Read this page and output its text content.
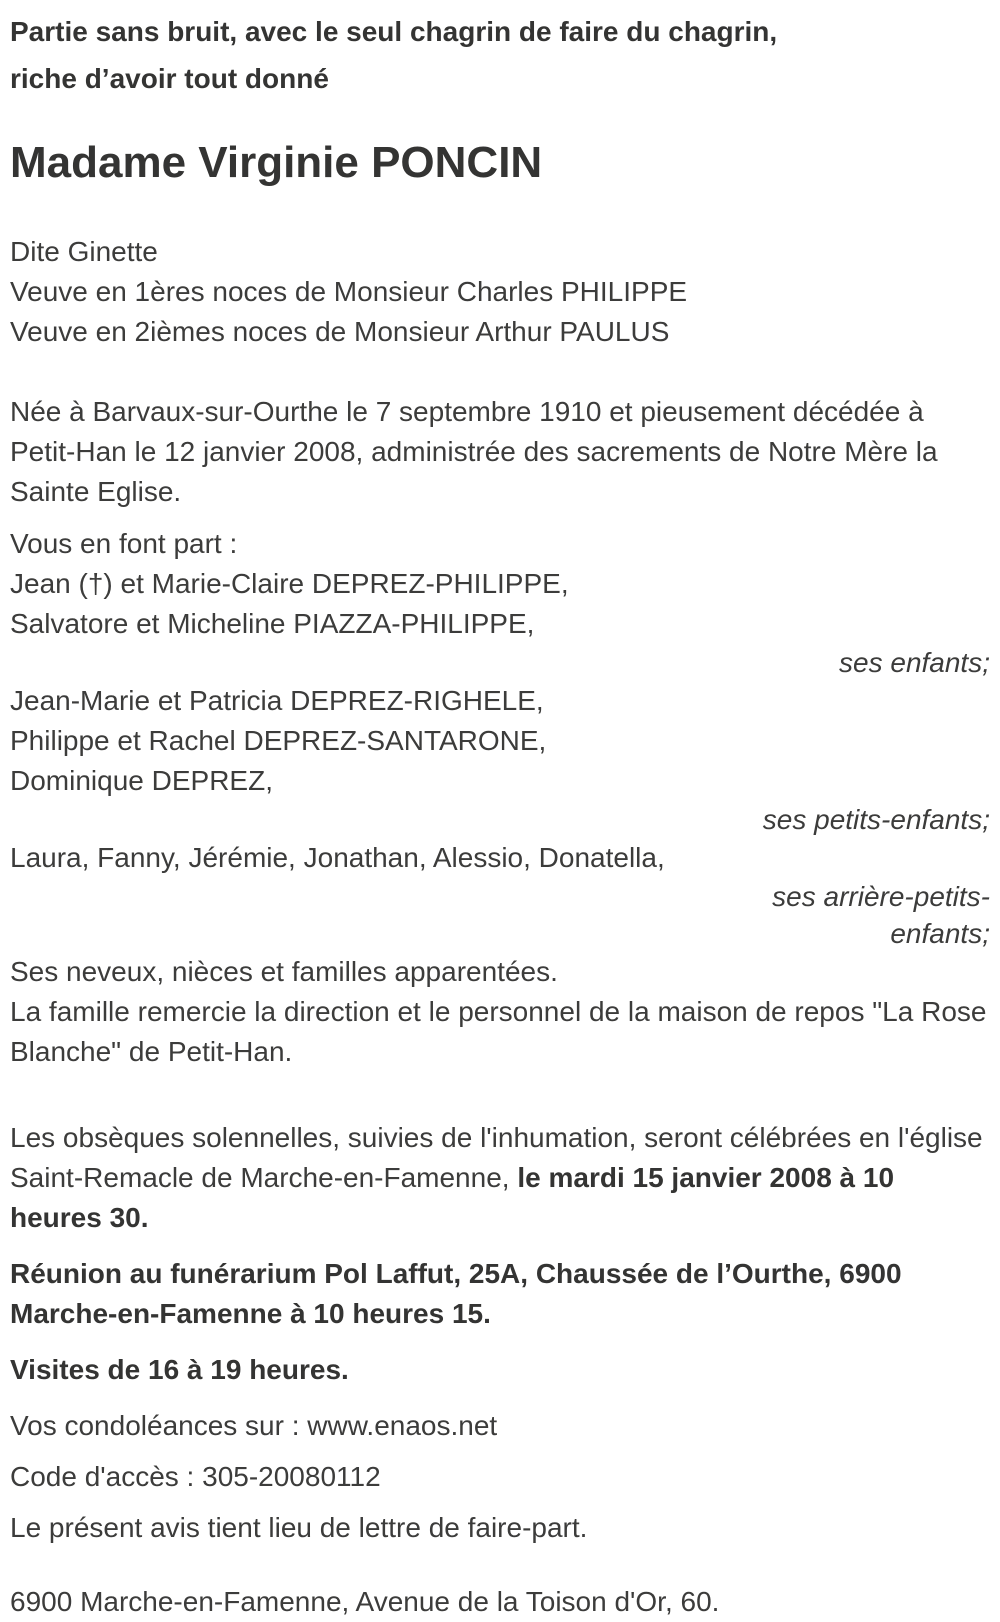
Partie sans bruit, avec le seul chagrin de faire du chagrin,
riche d’avoir tout donné

Madame Virginie PONCIN

Dite Ginette

Veuve en 1ères noces de Monsieur Charles PHILIPPE

Veuve en 2ièmes noces de Monsieur Arthur PAULUS

Née à Barvaux-sur-Ourthe le 7 septembre 1910 et pieusement décédée à Petit-Han le 12 janvier 2008, administrée des sacrements de Notre Mère la Sainte Eglise.

Vous en font part :

Jean (†) et Marie-Claire DEPREZ-PHILIPPE,

Salvatore et Micheline PIAZZA-PHILIPPE,

ses enfants;

Jean-Marie et Patricia DEPREZ-RIGHELE,

Philippe et Rachel DEPREZ-SANTARONE,

Dominique DEPREZ,

ses petits-enfants;

Laura, Fanny, Jérémie, Jonathan, Alessio, Donatella,

ses arrière-petits-enfants;

Ses neveux, nièces et familles apparentées.

La famille remercie la direction et le personnel de la maison de repos "La Rose Blanche" de Petit-Han.

Les obsèques solennelles, suivies de l'inhumation, seront célébrées en l'église Saint-Remacle de Marche-en-Famenne, le mardi 15 janvier 2008 à 10 heures 30.

Réunion au funérarium Pol Laffut, 25A, Chaussée de l’Ourthe, 6900 Marche-en-Famenne à 10 heures 15.

Visites de 16 à 19 heures.

Vos condoléances sur : www.enaos.net

Code d'accès : 305-20080112

Le présent avis tient lieu de lettre de faire-part.

6900 Marche-en-Famenne, Avenue de la Toison d'Or, 60.
